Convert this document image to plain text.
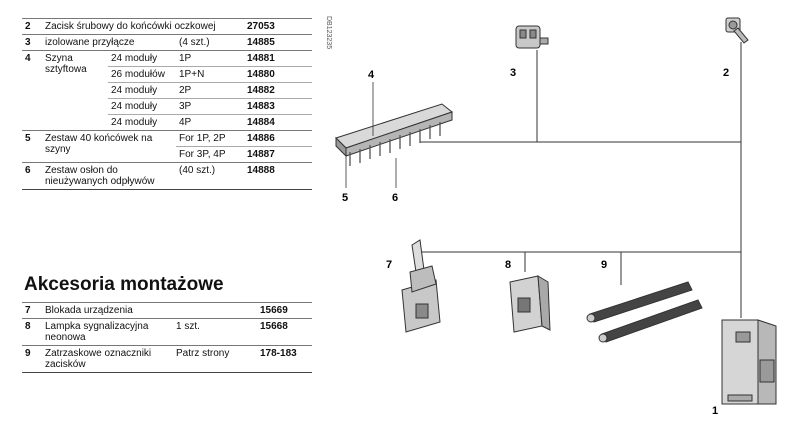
2	Zacisk śrubowy do końcówki oczkowej			27053
3	izolowane przyłącze		(4 szt.)	14885
4	Szyna sztyftowa	24 moduły	1P	14881
		26 modułów	1P+N	14880
		24 moduły	2P	14882
		24 moduły	3P	14883
		24 moduły	4P	14884
5	Zestaw 40 końcówek na szyny		For 1P, 2P	14886
			For 3P, 4P	14887
6	Zestaw osłon do nieużywanych odpływów		(40 szt.)	14888
Akcesoria montażowe
7	Blokada urządzenia		15669
8	Lampka sygnalizacyjna neonowa	1 szt.	15668
9	Zatrzaskowe oznaczniki zacisków	Patrz strony	178-183
DB123235
3	2
4
5	6
7	8	9
1
